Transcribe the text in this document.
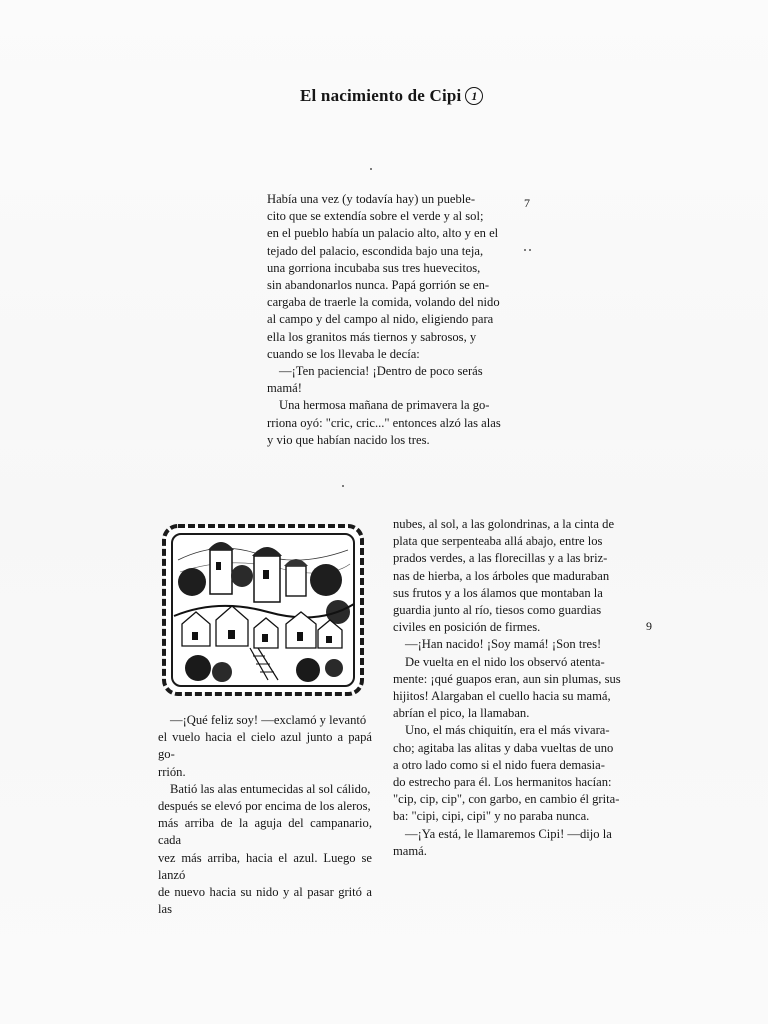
El nacimiento de Cipi 1
7

Había una vez (y todavía hay) un pueble-

cito que se extendía sobre el verde y al sol;

en el pueblo había un palacio alto, alto y en el

tejado del palacio, escondida bajo una teja,

una gorriona incubaba sus tres huevecitos,

sin abandonarlos nunca. Papá gorrión se en-

cargaba de traerle la comida, volando del nido

al campo y del campo al nido, eligiendo para

ella los granitos más tiernos y sabrosos, y

cuando se los llevaba le decía:

—¡Ten paciencia! ¡Dentro de poco serás

mamá!

Una hermosa mañana de primavera la go-

rriona oyó: "cric, cric..." entonces alzó las alas

y vio que habían nacido los tres.

—¡Qué feliz soy! —exclamó y levantó

el vuelo hacia el cielo azul junto a papá go-

rrión.

Batió las alas entumecidas al sol cálido,

después se elevó por encima de los aleros,

más arriba de la aguja del campanario, cada

vez más arriba, hacia el azul. Luego se lanzó

de nuevo hacia su nido y al pasar gritó a las

nubes, al sol, a las golondrinas, a la cinta de

plata que serpenteaba allá abajo, entre los

prados verdes, a las florecillas y a las brіz-

nas de hierba, a los árboles que maduraban

sus frutos y a los álamos que montaban la

guardia junto al río, tiesos como guardias

civiles en posición de firmes.

—¡Han nacido! ¡Soy mamá! ¡Son tres!

De vuelta en el nido los observó atenta-

mente: ¡qué guapos eran, aun sin plumas, sus

hijitos! Alargaban el cuello hacia su mamá,

abrían el pico, la llamaban.

Uno, el más chiquitín, era el más vivara-

cho; agitaba las alitas y daba vueltas de uno

a otro lado como si el nido fuera demasia-

do estrecho para él. Los hermanitos hacían:

"cip, cip, cip", con garbo, en cambio él grita-

ba: "cipi, cipi, cipi" y no paraba nunca.

—¡Ya está, le llamaremos Cipi! —dijo la

mamá.

9
